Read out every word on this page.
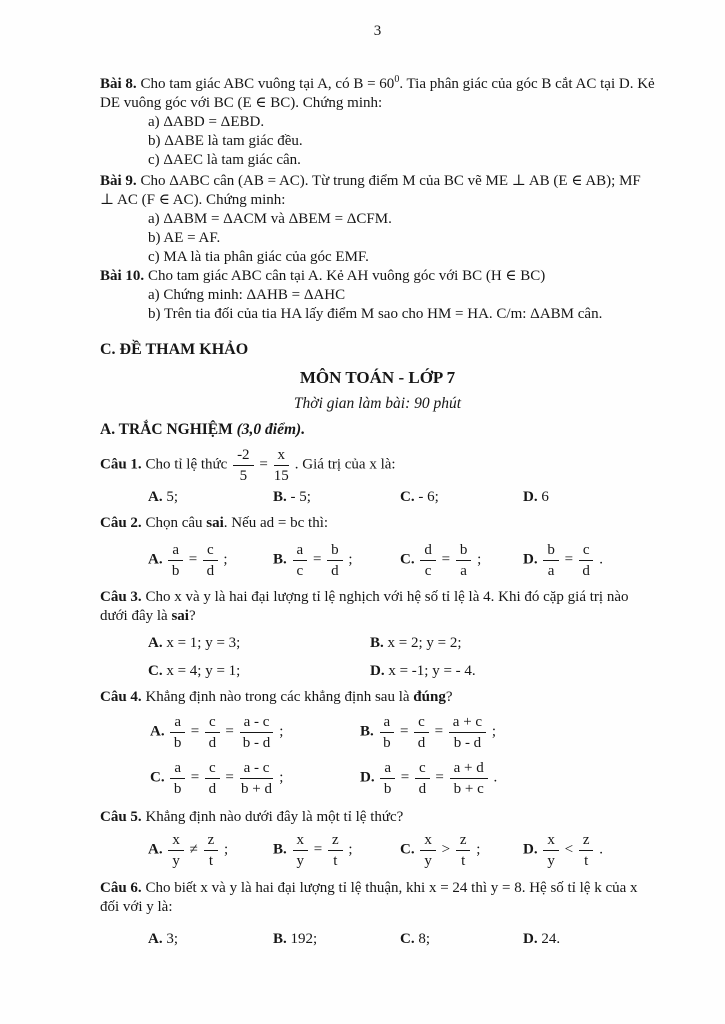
3
Bài 8. Cho tam giác ABC vuông tại A, có $B = 60^0$. Tia phân giác của góc B cắt AC tại D. Kẻ DE vuông góc với BC (E ∈ BC). Chứng minh:
a) ΔABD = ΔEBD.
b) ΔABE là tam giác đều.
c) ΔAEC là tam giác cân.
Bài 9. Cho ΔABC cân (AB = AC). Từ trung điểm M của BC vẽ ME ⊥ AB (E ∈ AB); MF ⊥ AC (F ∈ AC). Chứng minh:
a) ΔABM = ΔACM và ΔBEM = ΔCFM.
b) AE = AF.
c) MA là tia phân giác của góc EMF.
Bài 10. Cho tam giác ABC cân tại A. Kẻ AH vuông góc với BC (H ∈ BC)
a) Chứng minh: ΔAHB = ΔAHC
b) Trên tia đối của tia HA lấy điểm M sao cho HM = HA. C/m: ΔABM cân.
C. ĐỀ THAM KHẢO
MÔN TOÁN - LỚP 7
Thời gian làm bài: 90 phút
A. TRẮC NGHIỆM (3,0 điểm).
Câu 1. Cho tỉ lệ thức $\frac{-2}{5} = \frac{x}{15}$ . Giá trị của x là:
A. 5;	B. - 5;	C. - 6;	D. 6
Câu 2. Chọn câu sai. Nếu ad = bc thì:
A. $\frac{a}{b} = \frac{c}{d}$ ;	B. $\frac{a}{c} = \frac{b}{d}$ ;	C. $\frac{d}{c} = \frac{b}{a}$ ;	D. $\frac{b}{a} = \frac{c}{d}$ .
Câu 3. Cho x và y là hai đại lượng tỉ lệ nghịch với hệ số tỉ lệ là 4. Khi đó cặp giá trị nào dưới đây là sai?
A. x = 1; y = 3;	B. x = 2; y = 2;
C. x = 4; y = 1;	D. x = -1; y = - 4.
Câu 4. Khẳng định nào trong các khẳng định sau là đúng?
A. $\frac{a}{b} = \frac{c}{d} = \frac{a - c}{b - d}$ ;	B. $\frac{a}{b} = \frac{c}{d} = \frac{a + c}{b - d}$ ;
C. $\frac{a}{b} = \frac{c}{d} = \frac{a - c}{b + d}$ ;	D. $\frac{a}{b} = \frac{c}{d} = \frac{a + d}{b + c}$ .
Câu 5. Khẳng định nào dưới đây là một tỉ lệ thức?
A. $\frac{x}{y} \ne \frac{z}{t}$ ;	B. $\frac{x}{y} = \frac{z}{t}$ ;	C. $\frac{x}{y} > \frac{z}{t}$ ;	D. $\frac{x}{y} < \frac{z}{t}$ .
Câu 6. Cho biết x và y là hai đại lượng tỉ lệ thuận, khi x = 24 thì y = 8. Hệ số tỉ lệ k của x đối với y là:
A. 3;	B. 192;	C. 8;	D. 24.
